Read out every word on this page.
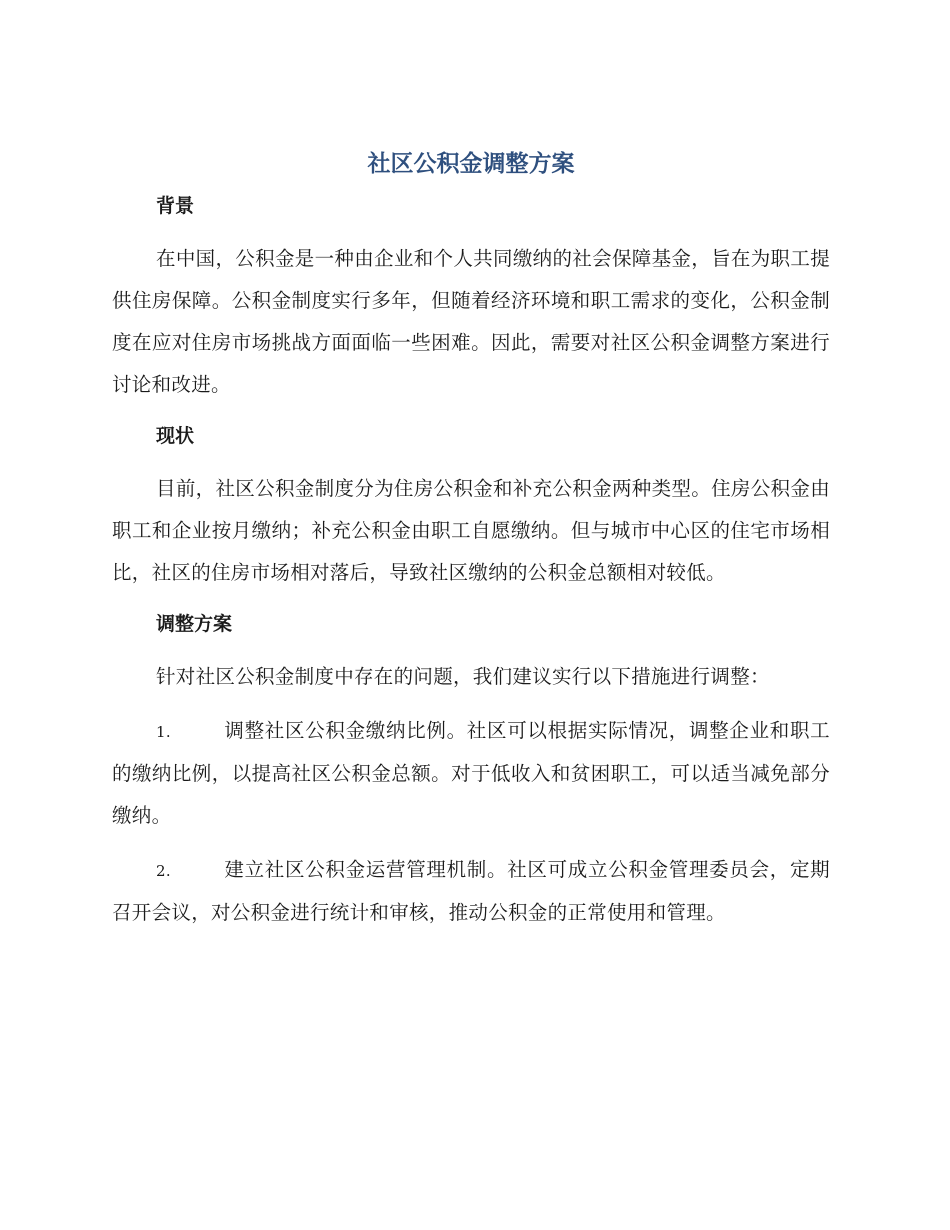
社区公积金调整方案
背景

在中国，公积金是一种由企业和个人共同缴纳的社会保障基金，旨在为职工提供住房保障。公积金制度实行多年，但随着经济环境和职工需求的变化，公积金制度在应对住房市场挑战方面面临一些困难。因此，需要对社区公积金调整方案进行讨论和改进。

现状

目前，社区公积金制度分为住房公积金和补充公积金两种类型。住房公积金由职工和企业按月缴纳；补充公积金由职工自愿缴纳。但与城市中心区的住宅市场相比，社区的住房市场相对落后，导致社区缴纳的公积金总额相对较低。

调整方案

针对社区公积金制度中存在的问题，我们建议实行以下措施进行调整：

1.	调整社区公积金缴纳比例。社区可以根据实际情况，调整企业和职工的缴纳比例，以提高社区公积金总额。对于低收入和贫困职工，可以适当减免部分缴纳。

2.	建立社区公积金运营管理机制。社区可成立公积金管理委员会，定期召开会议，对公积金进行统计和审核，推动公积金的正常使用和管理。
